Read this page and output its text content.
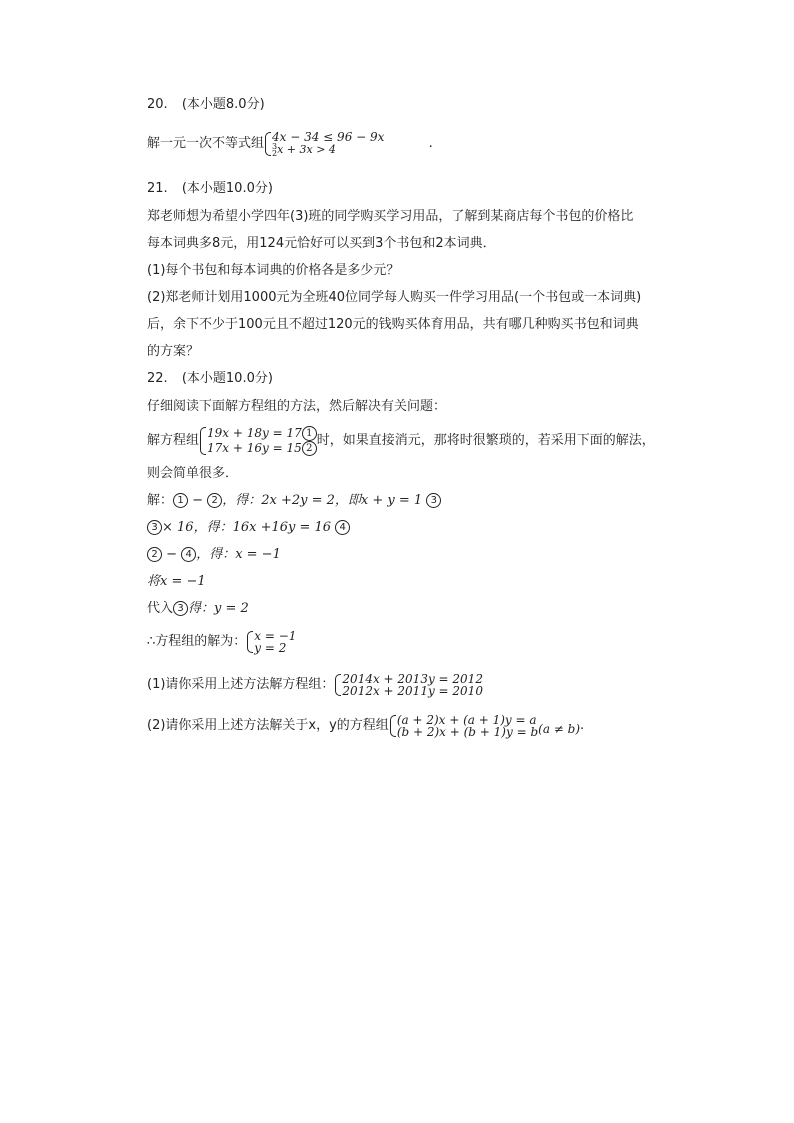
20. (本小题8.0分)
解一元一次不等式组 4x − 34 ≤ 96 − 9x
3
2 x + 3x > 4	.
21. (本小题10.0分)
郑老师想为希望小学四年(3)班的同学购买学习用品，了解到某商店每个书包的价格比
每本词典多8元，用124元恰好可以买到3个书包和2本词典．
(1)每个书包和每本词典的价格各是多少元？
(2)郑老师计划用1000元为全班40位同学每人购买一件学习用品(一个书包或一本词典)
后，余下不少于100元且不超过120元的钱购买体育用品，共有哪几种购买书包和词典
的方案？
22. (本小题10.0分)
仔细阅读下面解方程组的方法，然后解决有关问题：
解方程组
19x + 18y = 17 1
17x + 16y = 15 2 时，如果直接消元，那将时很繁琐的，若采用下面的解法，
则会简单很多．
解： 1 − 2 ，得：2x +2y = 2，即x + y = 1 3
3 × 16，得：16x +16y = 16 4
2 − 4 ，得：x = −1
将x = −1
代入 3 得：y = 2
∴方程组的解为： x = −1
y = 2
(1)请你采用上述方法解方程组： 2014x + 2013y = 2012
2012x + 2011y = 2010
(2)请你采用上述方法解关于x，y的方程组 (a + 2)x + (a + 1)y = a
(b + 2)x + (b + 1)y = b (a ≠ b).
